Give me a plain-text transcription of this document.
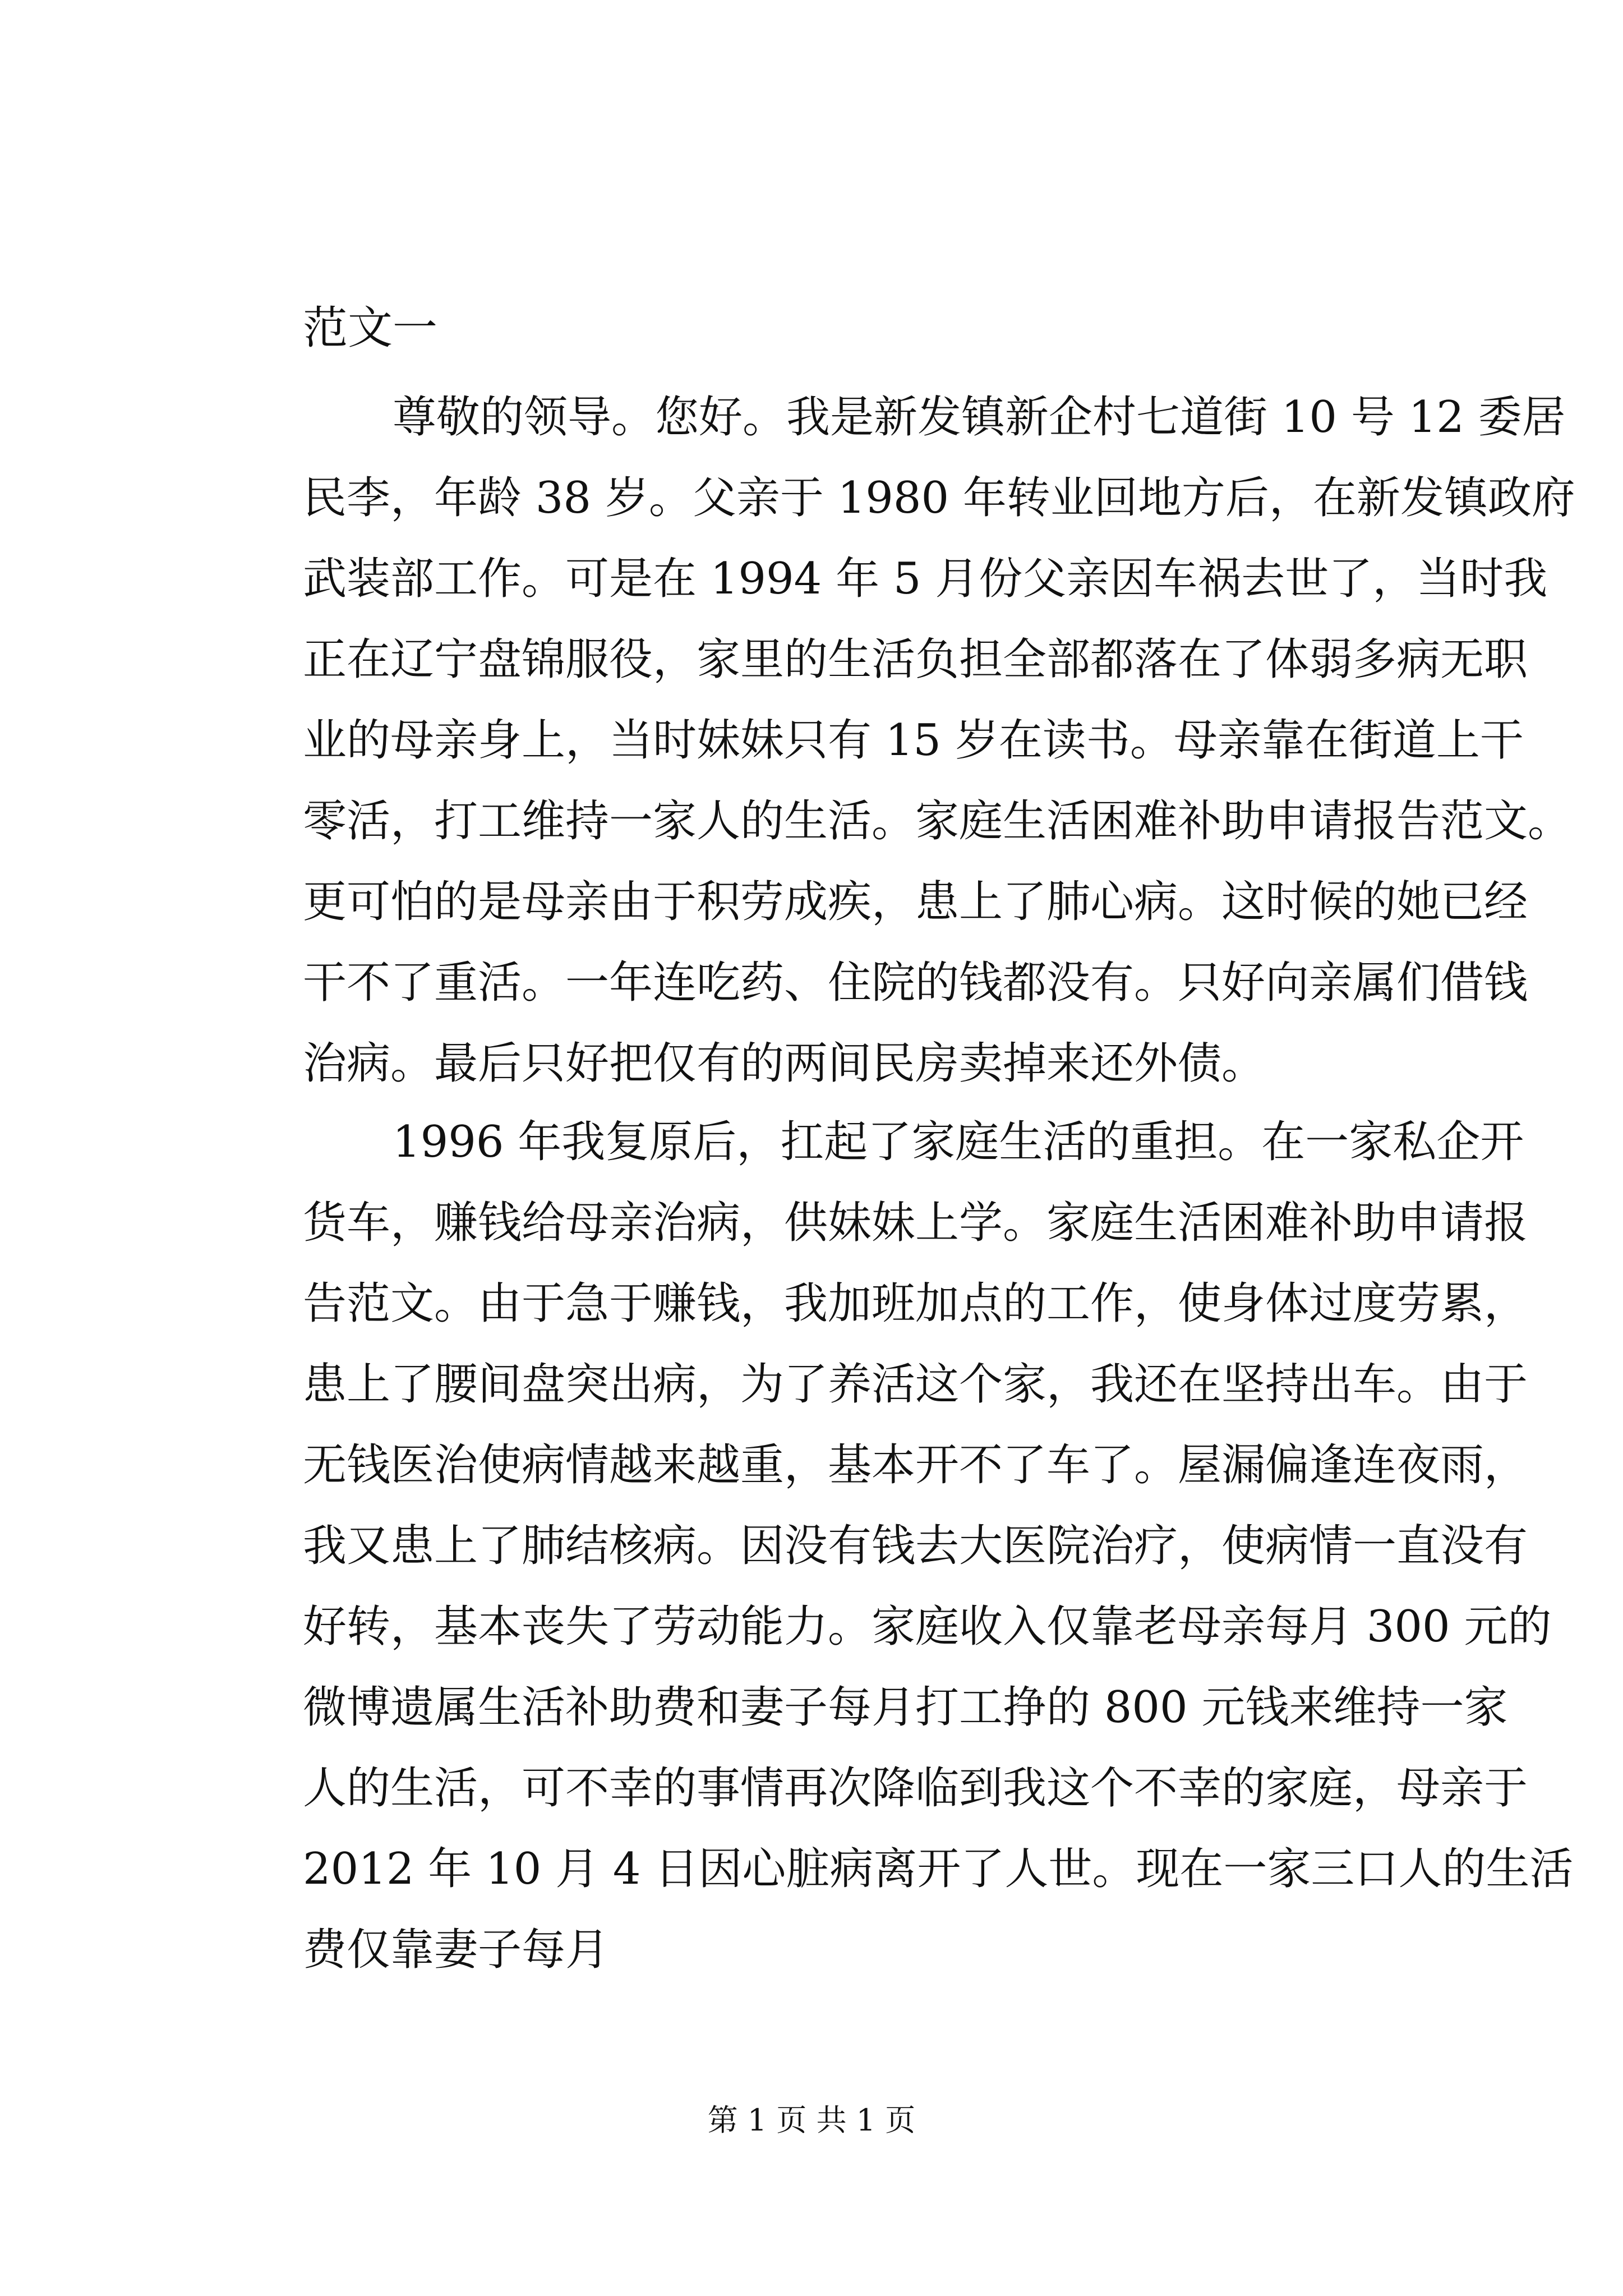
范文一
尊敬的领导。您好。我是新发镇新企村七道街 10 号 12 委居
民李，年龄 38 岁。父亲于 1980 年转业回地方后，在新发镇政府
武装部工作。可是在 1994 年 5 月份父亲因车祸去世了，当时我
正在辽宁盘锦服役，家里的生活负担全部都落在了体弱多病无职
业的母亲身上，当时妹妹只有 15 岁在读书。母亲靠在街道上干
零活，打工维持一家人的生活。家庭生活困难补助申请报告范文。
更可怕的是母亲由于积劳成疾，患上了肺心病。这时候的她已经
干不了重活。一年连吃药、住院的钱都没有。只好向亲属们借钱
治病。最后只好把仅有的两间民房卖掉来还外债。
1996 年我复原后，扛起了家庭生活的重担。在一家私企开
货车，赚钱给母亲治病，供妹妹上学。家庭生活困难补助申请报
告范文。由于急于赚钱，我加班加点的工作，使身体过度劳累，
患上了腰间盘突出病，为了养活这个家，我还在坚持出车。由于
无钱医治使病情越来越重，基本开不了车了。屋漏偏逢连夜雨，
我又患上了肺结核病。因没有钱去大医院治疗，使病情一直没有
好转，基本丧失了劳动能力。家庭收入仅靠老母亲每月 300 元的
微博遗属生活补助费和妻子每月打工挣的 800 元钱来维持一家
人的生活，可不幸的事情再次降临到我这个不幸的家庭，母亲于
2012 年 10 月 4 日因心脏病离开了人世。现在一家三口人的生活
费仅靠妻子每月
第 1 页 共 1 页
